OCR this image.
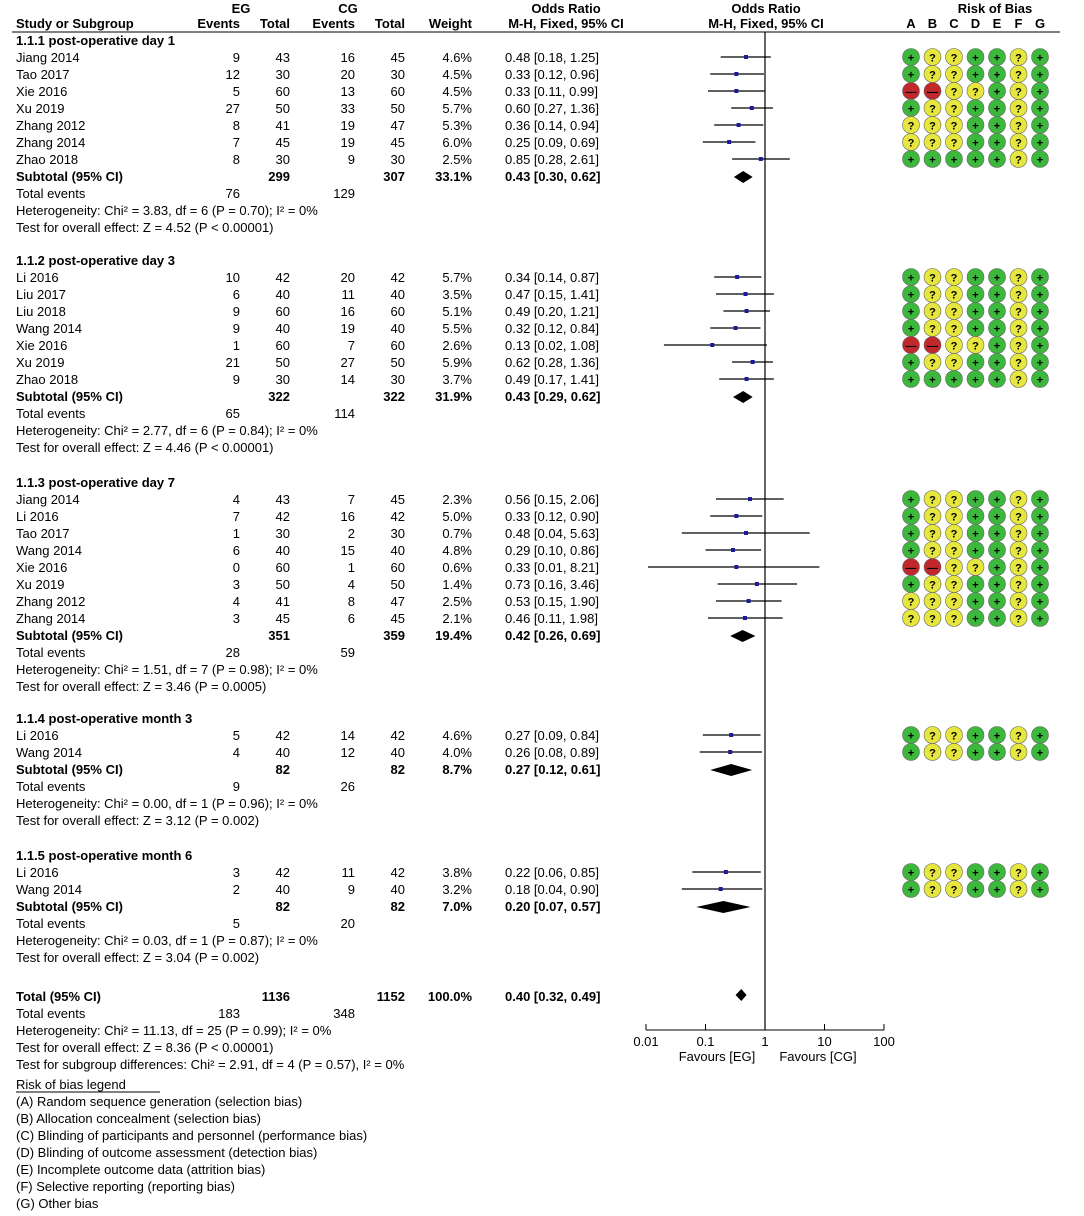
EG	CG	Odds Ratio	Odds Ratio	Risk of Bias
Study or Subgroup	Events Total Events Total Weight	M-H, Fixed, 95% CI	M-H, Fixed, 95% CI	A B C D E F G
1.1.1 post-operative day 1
Jiang 2014	9	43	16	45	4.6%	0.48 [0.18, 1.25]	+ ? ? + + ? +
Tao 2017	12	30	20	30	4.5%	0.33 [0.12, 0.96]	+ ? ? + + ? +
Xie 2016	5	60	13	60	4.5%	0.33 [0.11, 0.99]	— — ? ? + ? +
Xu 2019	27	50	33	50	5.7%	0.60 [0.27, 1.36]	+ ? ? + + ? +
Zhang 2012	8	41	19	47	5.3%	0.36 [0.14, 0.94]	? ? ? + + ? +
Zhang 2014	7	45	19	45	6.0%	0.25 [0.09, 0.69]	? ? ? + + ? +
Zhao 2018	8	30	9	30	2.5%	0.85 [0.28, 2.61]	+ + + + + ? +
Subtotal (95% CI)	299	307 33.1%	0.43 [0.30, 0.62]
Total events	76	129
Heterogeneity: Chi² = 3.83, df = 6 (P = 0.70); I² = 0%
Test for overall effect: Z = 4.52 (P < 0.00001)
1.1.2 post-operative day 3
Li 2016	10	42	20	42	5.7%	0.34 [0.14, 0.87]	+ ? ? + + ? +
Liu 2017	6	40	11	40	3.5%	0.47 [0.15, 1.41]	+ ? ? + + ? +
Liu 2018	9	60	16	60	5.1%	0.49 [0.20, 1.21]	+ ? ? + + ? +
Wang 2014	9	40	19	40	5.5%	0.32 [0.12, 0.84]	+ ? ? + + ? +
Xie 2016	1	60	7	60	2.6%	0.13 [0.02, 1.08]	— — ? ? + ? +
Xu 2019	21	50	27	50	5.9%	0.62 [0.28, 1.36]	+ ? ? + + ? +
Zhao 2018	9	30	14	30	3.7%	0.49 [0.17, 1.41]	+ + + + + ? +
Subtotal (95% CI)	322	322 31.9%	0.43 [0.29, 0.62]
Total events	65	114
Heterogeneity: Chi² = 2.77, df = 6 (P = 0.84); I² = 0%
Test for overall effect: Z = 4.46 (P < 0.00001)
1.1.3 post-operative day 7
Jiang 2014	4	43	7	45	2.3%	0.56 [0.15, 2.06]	+ ? ? + + ? +
Li 2016	7	42	16	42	5.0%	0.33 [0.12, 0.90]	+ ? ? + + ? +
Tao 2017	1	30	2	30	0.7%	0.48 [0.04, 5.63]	+ ? ? + + ? +
Wang 2014	6	40	15	40	4.8%	0.29 [0.10, 0.86]	+ ? ? + + ? +
Xie 2016	0	60	1	60	0.6%	0.33 [0.01, 8.21]	— — ? ? + ? +
Xu 2019	3	50	4	50	1.4%	0.73 [0.16, 3.46]	+ ? ? + + ? +
Zhang 2012	4	41	8	47	2.5%	0.53 [0.15, 1.90]	? ? ? + + ? +
Zhang 2014	3	45	6	45	2.1%	0.46 [0.11, 1.98]	? ? ? + + ? +
Subtotal (95% CI)	351	359 19.4%	0.42 [0.26, 0.69]
Total events	28	59
Heterogeneity: Chi² = 1.51, df = 7 (P = 0.98); I² = 0%
Test for overall effect: Z = 3.46 (P = 0.0005)
1.1.4 post-operative month 3
Li 2016	5	42	14	42	4.6%	0.27 [0.09, 0.84]	+ ? ? + + ? +
Wang 2014	4	40	12	40	4.0%	0.26 [0.08, 0.89]	+ ? ? + + ? +
Subtotal (95% CI)	82	82	8.7%	0.27 [0.12, 0.61]
Total events	9	26
Heterogeneity: Chi² = 0.00, df = 1 (P = 0.96); I² = 0%
Test for overall effect: Z = 3.12 (P = 0.002)
1.1.5 post-operative month 6
Li 2016	3	42	11	42	3.8%	0.22 [0.06, 0.85]	+ ? ? + + ? +
Wang 2014	2	40	9	40	3.2%	0.18 [0.04, 0.90]	+ ? ? + + ? +
Subtotal (95% CI)	82	82	7.0%	0.20 [0.07, 0.57]
Total events	5	20
Heterogeneity: Chi² = 0.03, df = 1 (P = 0.87); I² = 0%
Test for overall effect: Z = 3.04 (P = 0.002)
Total (95% CI)	1136	1152 100.0%	0.40 [0.32, 0.49]
Total events	183	348
Heterogeneity: Chi² = 11.13, df = 25 (P = 0.99); I² = 0%
Test for overall effect: Z = 8.36 (P < 0.00001)
Test for subgroup differences: Chi² = 2.91, df = 4 (P = 0.57), I² = 0%
0.01	0.1	1	10	100
Favours [EG] Favours [CG]
Risk of bias legend
(A) Random sequence generation (selection bias)
(B) Allocation concealment (selection bias)
(C) Blinding of participants and personnel (performance bias)
(D) Blinding of outcome assessment (detection bias)
(E) Incomplete outcome data (attrition bias)
(F) Selective reporting (reporting bias)
(G) Other bias
